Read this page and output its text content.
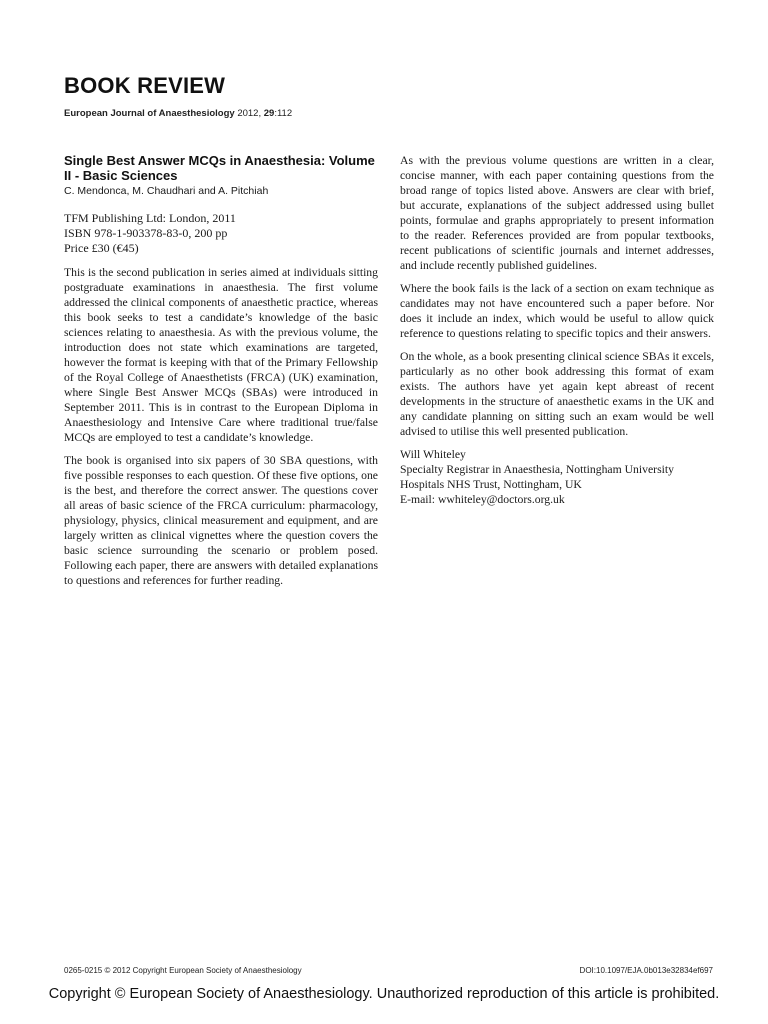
BOOK REVIEW
European Journal of Anaesthesiology 2012, 29:112
Single Best Answer MCQs in Anaesthesia: Volume II - Basic Sciences
C. Mendonca, M. Chaudhari and A. Pitchiah
TFM Publishing Ltd: London, 2011
ISBN 978-1-903378-83-0, 200 pp
Price £30 (€45)

This is the second publication in series aimed at individuals sitting postgraduate examinations in anaesthesia. The first volume addressed the clinical components of anaesthetic practice, whereas this book seeks to test a candidate’s knowledge of the basic sciences relating to anaesthesia. As with the previous volume, the introduction does not state which examinations are targeted, however the format is keeping with that of the Primary Fellowship of the Royal College of Anaesthetists (FRCA) (UK) examination, where Single Best Answer MCQs (SBAs) were introduced in September 2011. This is in contrast to the European Diploma in Anaesthesiology and Intensive Care where traditional true/false MCQs are employed to test a candidate’s knowledge.

The book is organised into six papers of 30 SBA questions, with five possible responses to each question. Of these five options, one is the best, and therefore the correct answer. The questions cover all areas of basic science of the FRCA curriculum: pharmacology, physiology, physics, clinical measurement and equipment, and are largely written as clinical vignettes where the question covers the basic science surrounding the scenario or problem posed. Following each paper, there are answers with detailed explanations to questions and references for further reading.

As with the previous volume questions are written in a clear, concise manner, with each paper containing questions from the broad range of topics listed above. Answers are clear with brief, but accurate, explanations of the subject addressed using bullet points, formulae and graphs appropriately to present information to the reader. References provided are from popular textbooks, recent publications of scientific journals and internet addresses, and include recently published guidelines.

Where the book fails is the lack of a section on exam technique as candidates may not have encountered such a paper before. Nor does it include an index, which would be useful to allow quick reference to questions relating to specific topics and their answers.

On the whole, as a book presenting clinical science SBAs it excels, particularly as no other book addressing this format of exam exists. The authors have yet again kept abreast of recent developments in the structure of anaesthetic exams in the UK and any candidate planning on sitting such an exam would be well advised to utilise this well presented publication.

Will Whiteley
Specialty Registrar in Anaesthesia, Nottingham University Hospitals NHS Trust, Nottingham, UK
E-mail: wwhiteley@doctors.org.uk
0265-0215 © 2012 Copyright European Society of Anaesthesiology	DOI:10.1097/EJA.0b013e32834ef697
Copyright © European Society of Anaesthesiology. Unauthorized reproduction of this article is prohibited.
